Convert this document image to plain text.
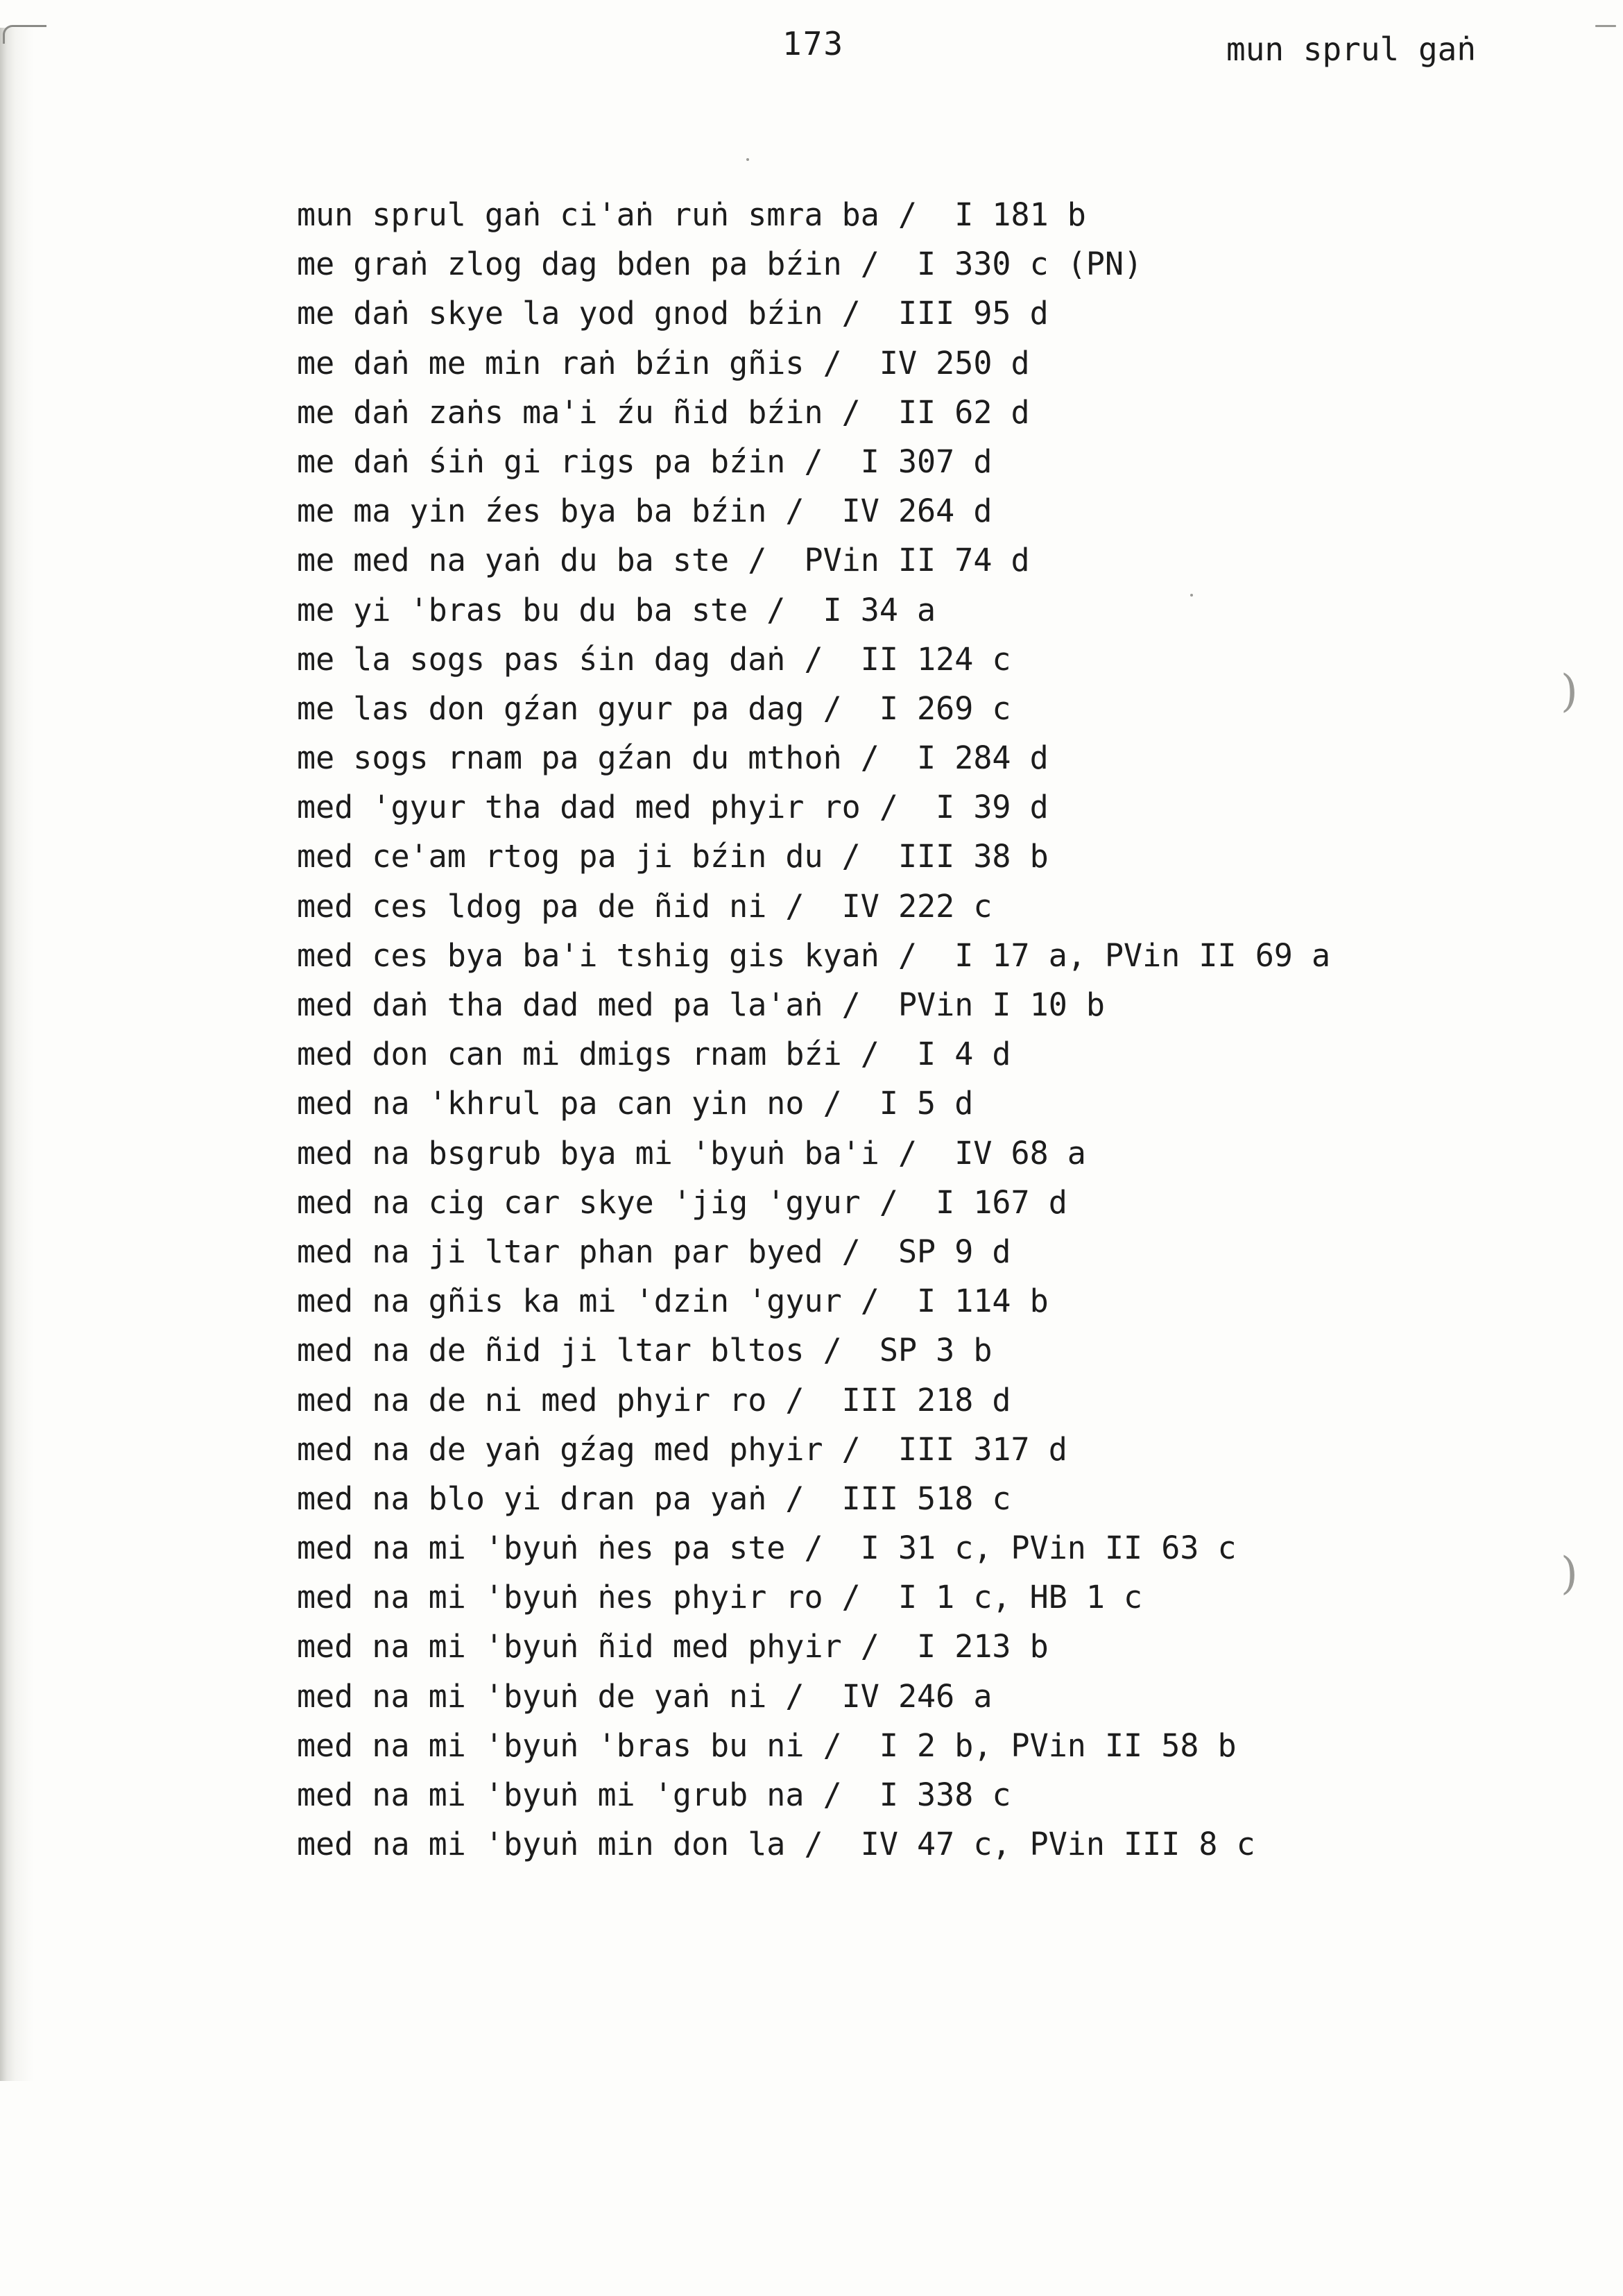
173	mun sprul gaṅ
mun sprul gaṅ ci'aṅ ruṅ smra ba /  I 181 b
me graṅ zlog dag bden pa bźin /  I 330 c (PN)
me daṅ skye la yod gnod bźin /  III 95 d
me daṅ me min raṅ bźin gñis /  IV 250 d
me daṅ zaṅs ma'i źu ñid bźin /  II 62 d
me daṅ śiṅ gi rigs pa bźin /  I 307 d
me ma yin źes bya ba bźin /  IV 264 d
me med na yaṅ du ba ste /  PVin II 74 d
me yi 'bras bu du ba ste /  I 34 a
me la sogs pas śin dag daṅ /  II 124 c
me las don gźan gyur pa dag /  I 269 c
me sogs rnam pa gźan du mthoṅ /  I 284 d
med 'gyur tha dad med phyir ro /  I 39 d
med ce'am rtog pa ji bźin du /  III 38 b
med ces ldog pa de ñid ni /  IV 222 c
med ces bya ba'i tshig gis kyaṅ /  I 17 a, PVin II 69 a
med daṅ tha dad med pa la'aṅ /  PVin I 10 b
med don can mi dmigs rnam bźi /  I 4 d
med na 'khrul pa can yin no /  I 5 d
med na bsgrub bya mi 'byuṅ ba'i /  IV 68 a
med na cig car skye 'jig 'gyur /  I 167 d
med na ji ltar phan par byed /  SP 9 d
med na gñis ka mi 'dzin 'gyur /  I 114 b
med na de ñid ji ltar bltos /  SP 3 b
med na de ni med phyir ro /  III 218 d
med na de yaṅ gźag med phyir /  III 317 d
med na blo yi dran pa yaṅ /  III 518 c
med na mi 'byuṅ ṅes pa ste /  I 31 c, PVin II 63 c
med na mi 'byuṅ ṅes phyir ro /  I 1 c, HB 1 c
med na mi 'byuṅ ñid med phyir /  I 213 b
med na mi 'byuṅ de yaṅ ni /  IV 246 a
med na mi 'byuṅ 'bras bu ni /  I 2 b, PVin II 58 b
med na mi 'byuṅ mi 'grub na /  I 338 c
med na mi 'byuṅ min don la /  IV 47 c, PVin III 8 c
)
)
